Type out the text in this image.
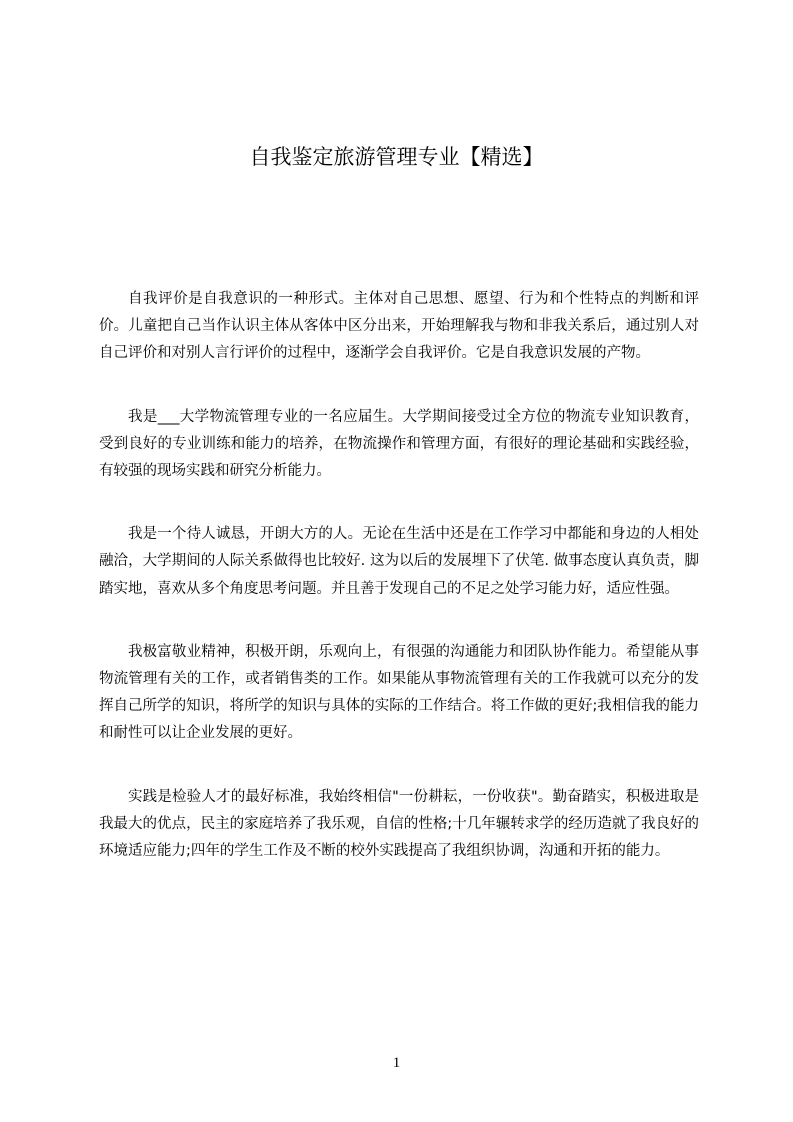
自我鉴定旅游管理专业【精选】

自我评价是自我意识的一种形式。主体对自己思想、愿望、行为和个性特点的判断和评价。儿童把自己当作认识主体从客体中区分出来，开始理解我与物和非我关系后，通过别人对自己评价和对别人言行评价的过程中，逐渐学会自我评价。它是自我意识发展的产物。

我是___大学物流管理专业的一名应届生。大学期间接受过全方位的物流专业知识教育，受到良好的专业训练和能力的培养，在物流操作和管理方面，有很好的理论基础和实践经验，有较强的现场实践和研究分析能力。

我是一个待人诚恳，开朗大方的人。无论在生活中还是在工作学习中都能和身边的人相处融洽，大学期间的人际关系做得也比较好. 这为以后的发展埋下了伏笔. 做事态度认真负责，脚踏实地，喜欢从多个角度思考问题。并且善于发现自己的不足之处学习能力好，适应性强。

我极富敬业精神，积极开朗，乐观向上，有很强的沟通能力和团队协作能力。希望能从事物流管理有关的工作，或者销售类的工作。如果能从事物流管理有关的工作我就可以充分的发挥自己所学的知识，将所学的知识与具体的实际的工作结合。将工作做的更好;我相信我的能力和耐性可以让企业发展的更好。

实践是检验人才的最好标准，我始终相信"一份耕耘，一份收获"。勤奋踏实，积极进取是我最大的优点，民主的家庭培养了我乐观，自信的性格;十几年辗转求学的经历造就了我良好的环境适应能力;四年的学生工作及不断的校外实践提高了我组织协调，沟通和开拓的能力。

1
